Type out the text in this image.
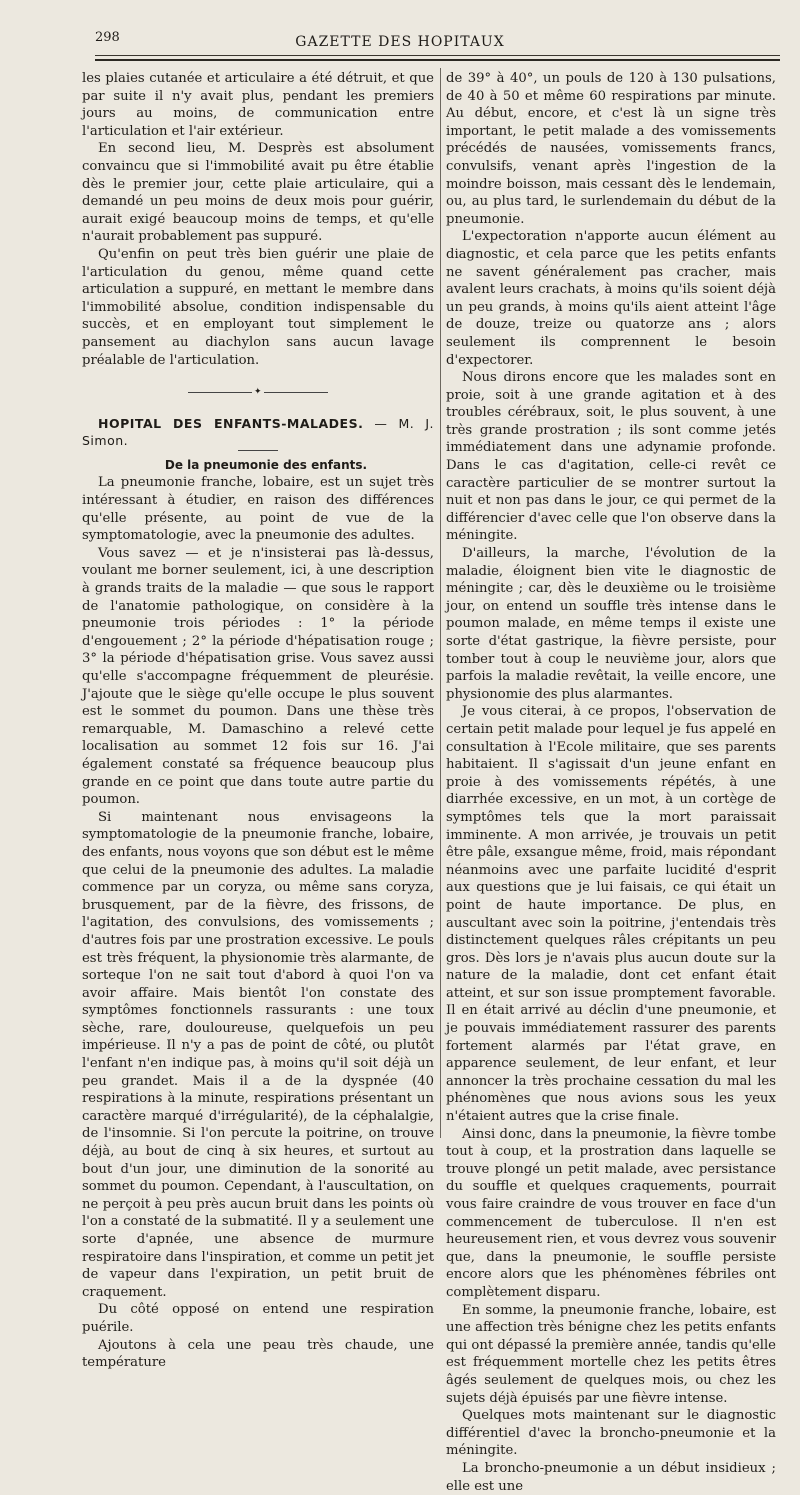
298	GAZETTE DES HOPITAUX

les plaies cutanée et articulaire a été détruit, et que par suite il n'y avait plus, pendant les premiers jours au moins, de communication entre l'articulation et l'air extérieur.

En second lieu, M. Desprès est absolument convaincu que si l'immobilité avait pu être établie dès le premier jour, cette plaie articulaire, qui a demandé un peu moins de deux mois pour guérir, aurait exigé beaucoup moins de temps, et qu'elle n'aurait probablement pas suppuré.

Qu'enfin on peut très bien guérir une plaie de l'articulation du genou, même quand cette articulation a suppuré, en mettant le membre dans l'immobilité absolue, condition indispensable du succès, et en employant tout simplement le pansement au diachylon sans aucun lavage préalable de l'articulation.

✦

HOPITAL DES ENFANTS-MALADES. — M. J. Simon.

De la pneumonie des enfants.

La pneumonie franche, lobaire, est un sujet très intéressant à étudier, en raison des différences qu'elle présente, au point de vue de la symptomatologie, avec la pneumonie des adultes.

Vous savez — et je n'insisterai pas là-dessus, voulant me borner seulement, ici, à une description à grands traits de la maladie — que sous le rapport de l'anatomie pathologique, on considère à la pneumonie trois périodes : 1° la période d'engouement ; 2° la période d'hépatisation rouge ; 3° la période d'hépatisation grise. Vous savez aussi qu'elle s'accompagne fréquemment de pleurésie. J'ajoute que le siège qu'elle occupe le plus souvent est le sommet du poumon. Dans une thèse très remarquable, M. Damaschino a relevé cette localisation au sommet 12 fois sur 16. J'ai également constaté sa fréquence beaucoup plus grande en ce point que dans toute autre partie du poumon.

Si maintenant nous envisageons la symptomatologie de la pneumonie franche, lobaire, des enfants, nous voyons que son début est le même que celui de la pneumonie des adultes. La maladie commence par un coryza, ou même sans coryza, brusquement, par de la fièvre, des frissons, de l'agitation, des convulsions, des vomissements ; d'autres fois par une prostration excessive. Le pouls est très fréquent, la physionomie très alarmante, de sorteque l'on ne sait tout d'abord à quoi l'on va avoir affaire. Mais bientôt l'on constate des symptômes fonctionnels rassurants : une toux sèche, rare, douloureuse, quelquefois un peu impérieuse. Il n'y a pas de point de côté, ou plutôt l'enfant n'en indique pas, à moins qu'il soit déjà un peu grandet. Mais il a de la dyspnée (40 respirations à la minute, respirations présentant un caractère marqué d'irrégularité), de la céphalalgie, de l'insomnie. Si l'on percute la poitrine, on trouve déjà, au bout de cinq à six heures, et surtout au bout d'un jour, une diminution de la sonorité au sommet du poumon. Cependant, à l'auscultation, on ne perçoit à peu près aucun bruit dans les points où l'on a constaté de la submatité. Il y a seulement une sorte d'apnée, une absence de murmure respiratoire dans l'inspiration, et comme un petit jet de vapeur dans l'expiration, un petit bruit de craquement.

Du côté opposé on entend une respiration puérile.

Ajoutons à cela une peau très chaude, une température

de 39° à 40°, un pouls de 120 à 130 pulsations, de 40 à 50 et même 60 respirations par minute. Au début, encore, et c'est là un signe très important, le petit malade a des vomissements précédés de nausées, vomissements francs, convulsifs, venant après l'ingestion de la moindre boisson, mais cessant dès le lendemain, ou, au plus tard, le surlendemain du début de la pneumonie.

L'expectoration n'apporte aucun élément au diagnostic, et cela parce que les petits enfants ne savent généralement pas cracher, mais avalent leurs crachats, à moins qu'ils soient déjà un peu grands, à moins qu'ils aient atteint l'âge de douze, treize ou quatorze ans ; alors seulement ils comprennent le besoin d'expectorer.

Nous dirons encore que les malades sont en proie, soit à une grande agitation et à des troubles cérébraux, soit, le plus souvent, à une très grande prostration ; ils sont comme jetés immédiatement dans une adynamie profonde. Dans le cas d'agitation, celle-ci revêt ce caractère particulier de se montrer surtout la nuit et non pas dans le jour, ce qui permet de la différencier d'avec celle que l'on observe dans la méningite.

D'ailleurs, la marche, l'évolution de la maladie, éloignent bien vite le diagnostic de méningite ; car, dès le deuxième ou le troisième jour, on entend un souffle très intense dans le poumon malade, en même temps il existe une sorte d'état gastrique, la fièvre persiste, pour tomber tout à coup le neuvième jour, alors que parfois la maladie revêtait, la veille encore, une physionomie des plus alarmantes.

Je vous citerai, à ce propos, l'observation de certain petit malade pour lequel je fus appelé en consultation à l'Ecole militaire, que ses parents habitaient. Il s'agissait d'un jeune enfant en proie à des vomissements répétés, à une diarrhée excessive, en un mot, à un cortège de symptômes tels que la mort paraissait imminente. A mon arrivée, je trouvais un petit être pâle, exsangue même, froid, mais répondant néanmoins avec une parfaite lucidité d'esprit aux questions que je lui faisais, ce qui était un point de haute importance. De plus, en auscultant avec soin la poitrine, j'entendais très distinctement quelques râles crépitants un peu gros. Dès lors je n'avais plus aucun doute sur la nature de la maladie, dont cet enfant était atteint, et sur son issue promptement favorable. Il en était arrivé au déclin d'une pneumonie, et je pouvais immédiatement rassurer des parents fortement alarmés par l'état grave, en apparence seulement, de leur enfant, et leur annoncer la très prochaine cessation du mal les phénomènes que nous avions sous les yeux n'étaient autres que la crise finale.

Ainsi donc, dans la pneumonie, la fièvre tombe tout à coup, et la prostration dans laquelle se trouve plongé un petit malade, avec persistance du souffle et quelques craquements, pourrait vous faire craindre de vous trouver en face d'un commencement de tuberculose. Il n'en est heureusement rien, et vous devrez vous souvenir que, dans la pneumonie, le souffle persiste encore alors que les phénomènes fébriles ont complètement disparu.

En somme, la pneumonie franche, lobaire, est une affection très bénigne chez les petits enfants qui ont dépassé la première année, tandis qu'elle est fréquemment mortelle chez les petits êtres âgés seulement de quelques mois, ou chez les sujets déjà épuisés par une fièvre intense.

Quelques mots maintenant sur le diagnostic différentiel d'avec la broncho-pneumonie et la méningite.

La broncho-pneumonie a un début insidieux ; elle est une
